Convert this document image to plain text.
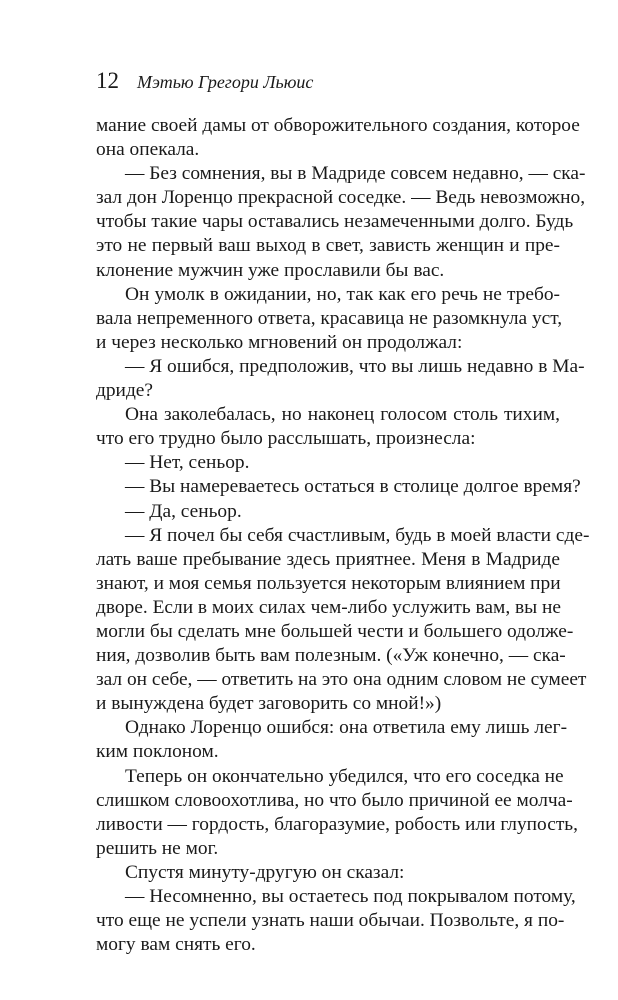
12 Мэтью Грегори Льюис
мание своей дамы от обворожительного создания, которое
она опекала.
— Без сомнения, вы в Мадриде совсем недавно, — ска-
зал дон Лоренцо прекрасной соседке. — Ведь невозможно,
чтобы такие чары оставались незамеченными долго. Будь
это не первый ваш выход в свет, зависть женщин и пре-
клонение мужчин уже прославили бы вас.
Он умолк в ожидании, но, так как его речь не требо-
вала непременного ответа, красавица не разомкнула уст,
и через несколько мгновений он продолжал:
— Я ошибся, предположив, что вы лишь недавно в Ма-
дриде?
Она заколебалась, но наконец голосом столь тихим,
что его трудно было расслышать, произнесла:
— Нет, сеньор.
— Вы намереваетесь остаться в столице долгое время?
— Да, сеньор.
— Я почел бы себя счастливым, будь в моей власти сде-
лать ваше пребывание здесь приятнее. Меня в Мадриде
знают, и моя семья пользуется некоторым влиянием при
дворе. Если в моих силах чем-либо услужить вам, вы не
могли бы сделать мне большей чести и большего одолже-
ния, дозволив быть вам полезным. («Уж конечно, — ска-
зал он себе, — ответить на это она одним словом не сумеет
и вынуждена будет заговорить со мной!»)
Однако Лоренцо ошибся: она ответила ему лишь лег-
ким поклоном.
Теперь он окончательно убедился, что его соседка не
слишком словоохотлива, но что было причиной ее молча-
ливости — гордость, благоразумие, робость или глупость,
решить не мог.
Спустя минуту-другую он сказал:
— Несомненно, вы остаетесь под покрывалом потому,
что еще не успели узнать наши обычаи. Позвольте, я по-
могу вам снять его.
